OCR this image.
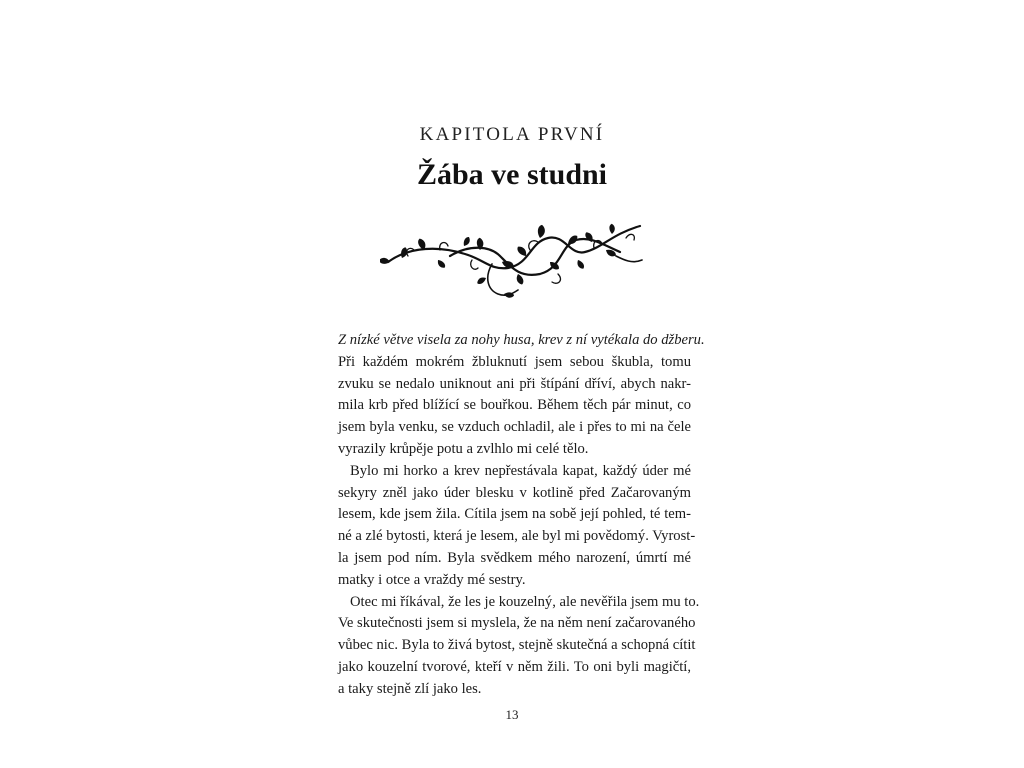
KAPITOLA PRVNÍ
Žába ve studni
Z nízké větve visela za nohy husa, krev z ní vytékala do džberu.
Při každém mokrém žbluknutí jsem sebou škubla, tomu
zvuku se nedalo uniknout ani při štípání dříví, abych nakr-
mila krb před blížící se bouřkou. Během těch pár minut, co
jsem byla venku, se vzduch ochladil, ale i přes to mi na čele
vyrazily krůpěje potu a zvlhlo mi celé tělo.
Bylo mi horko a krev nepřestávala kapat, každý úder mé
sekyry zněl jako úder blesku v kotlině před Začarovaným
lesem, kde jsem žila. Cítila jsem na sobě její pohled, té tem-
né a zlé bytosti, která je lesem, ale byl mi povědomý. Vyrost-
la jsem pod ním. Byla svědkem mého narození, úmrtí mé
matky i otce a vraždy mé sestry.
Otec mi říkával, že les je kouzelný, ale nevěřila jsem mu to.
Ve skutečnosti jsem si myslela, že na něm není začarovaného
vůbec nic. Byla to živá bytost, stejně skutečná a schopná cítit
jako kouzelní tvorové, kteří v něm žili. To oni byli magičtí,
a taky stejně zlí jako les.
13
